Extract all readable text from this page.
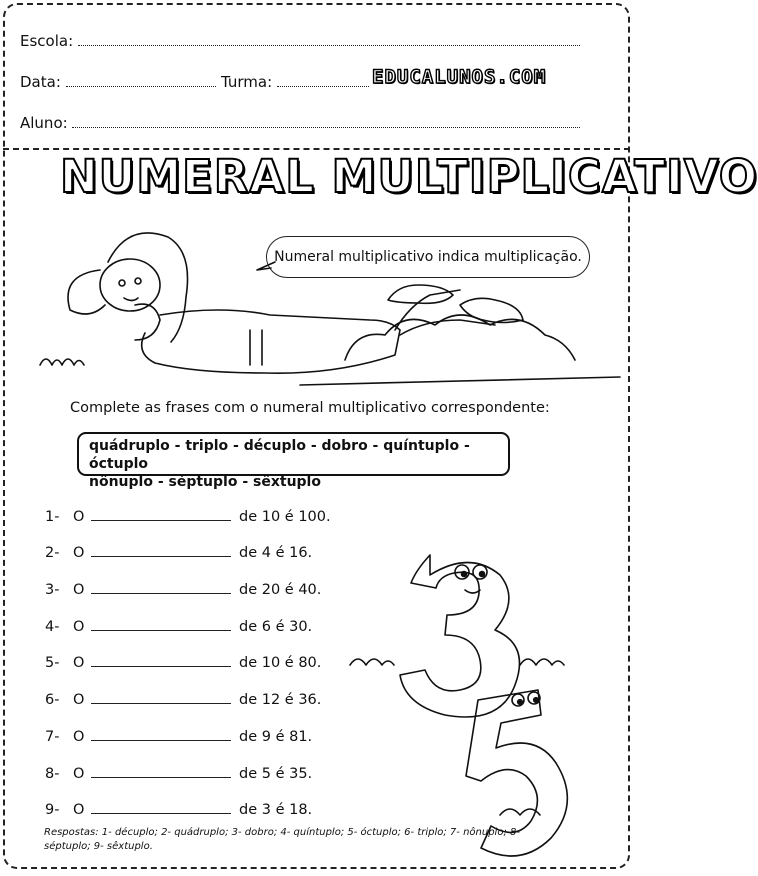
Escola:
Data:	Turma:	EDUCALUNOS.COM
Aluno:
NUMERAL MULTIPLICATIVO
Numeral multiplicativo indica multiplicação.
Complete as frases com o numeral multiplicativo correspondente:
quádruplo - triplo - décuplo - dobro - quíntuplo - óctuplo
nônuplo - séptuplo - sêxtuplo
1- O	de 10 é 100.
2- O	de 4 é 16.
3- O	de 20 é 40.
4- O	de 6 é 30.
5- O	de 10 é 80.
6- O	de 12 é 36.
7- O	de 9 é 81.
8- O	de 5 é 35.
9- O	de 3 é 18.
Respostas: 1- décuplo; 2- quádruplo; 3- dobro; 4- quíntuplo; 5- óctuplo; 6- triplo; 7- nônuplo; 8- séptuplo; 9- sêxtuplo.
